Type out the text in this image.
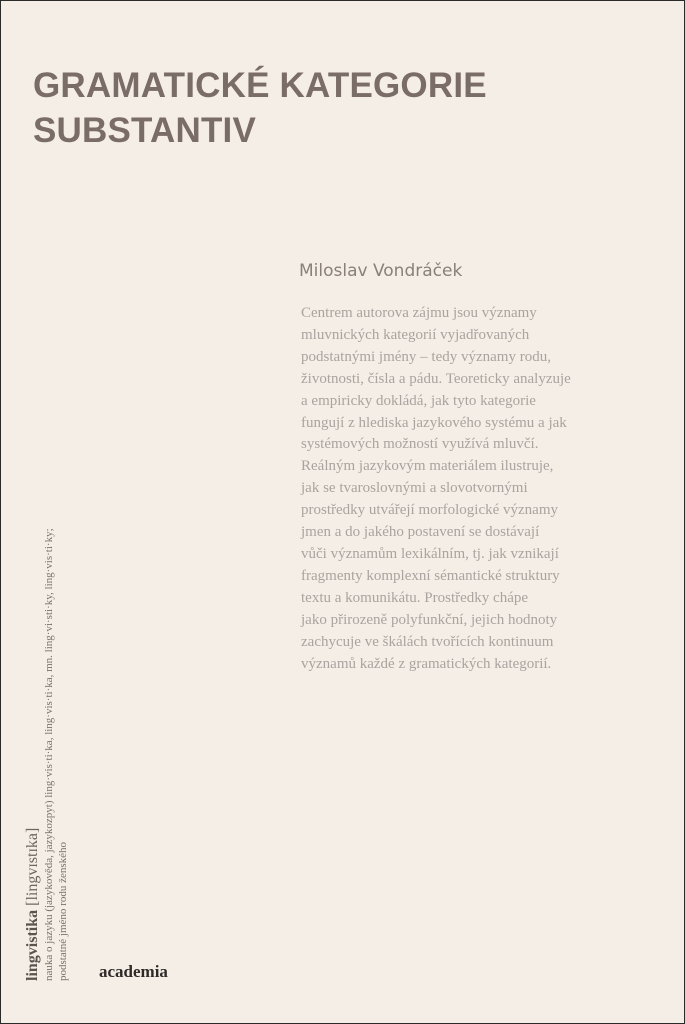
GRAMATICKÉ KATEGORIE
SUBSTANTIV
Miloslav Vondráček
Centrem autorova zájmu jsou významy
mluvnických kategorií vyjadřovaných
podstatnými jmény – tedy významy rodu,
životnosti, čísla a pádu. Teoreticky analyzuje
a empiricky dokládá, jak tyto kategorie
fungují z hlediska jazykového systému a jak
systémových možností využívá mluvčí.
Reálným jazykovým materiálem ilustruje,
jak se tvaroslovnými a slovotvornými
prostředky utvářejí morfologické významy
jmen a do jakého postavení se dostávají
vůči významům lexikálním, tj. jak vznikají
fragmenty komplexní sémantické struktury
textu a komunikátu. Prostředky chápe
jako přirozeně polyfunkční, jejich hodnoty
zachycuje ve škálách tvořících kontinuum
významů každé z gramatických kategorií.
lingvistika [lingvɪstɪka] nauka o jazyku (jazykověda, jazykozpyt) ling·vis·ti·ka, ling·vis·ti·ka, mn. ling·vi·sti·ky, ling·vis·ti·ky; podstatné jméno rodu ženského academia
